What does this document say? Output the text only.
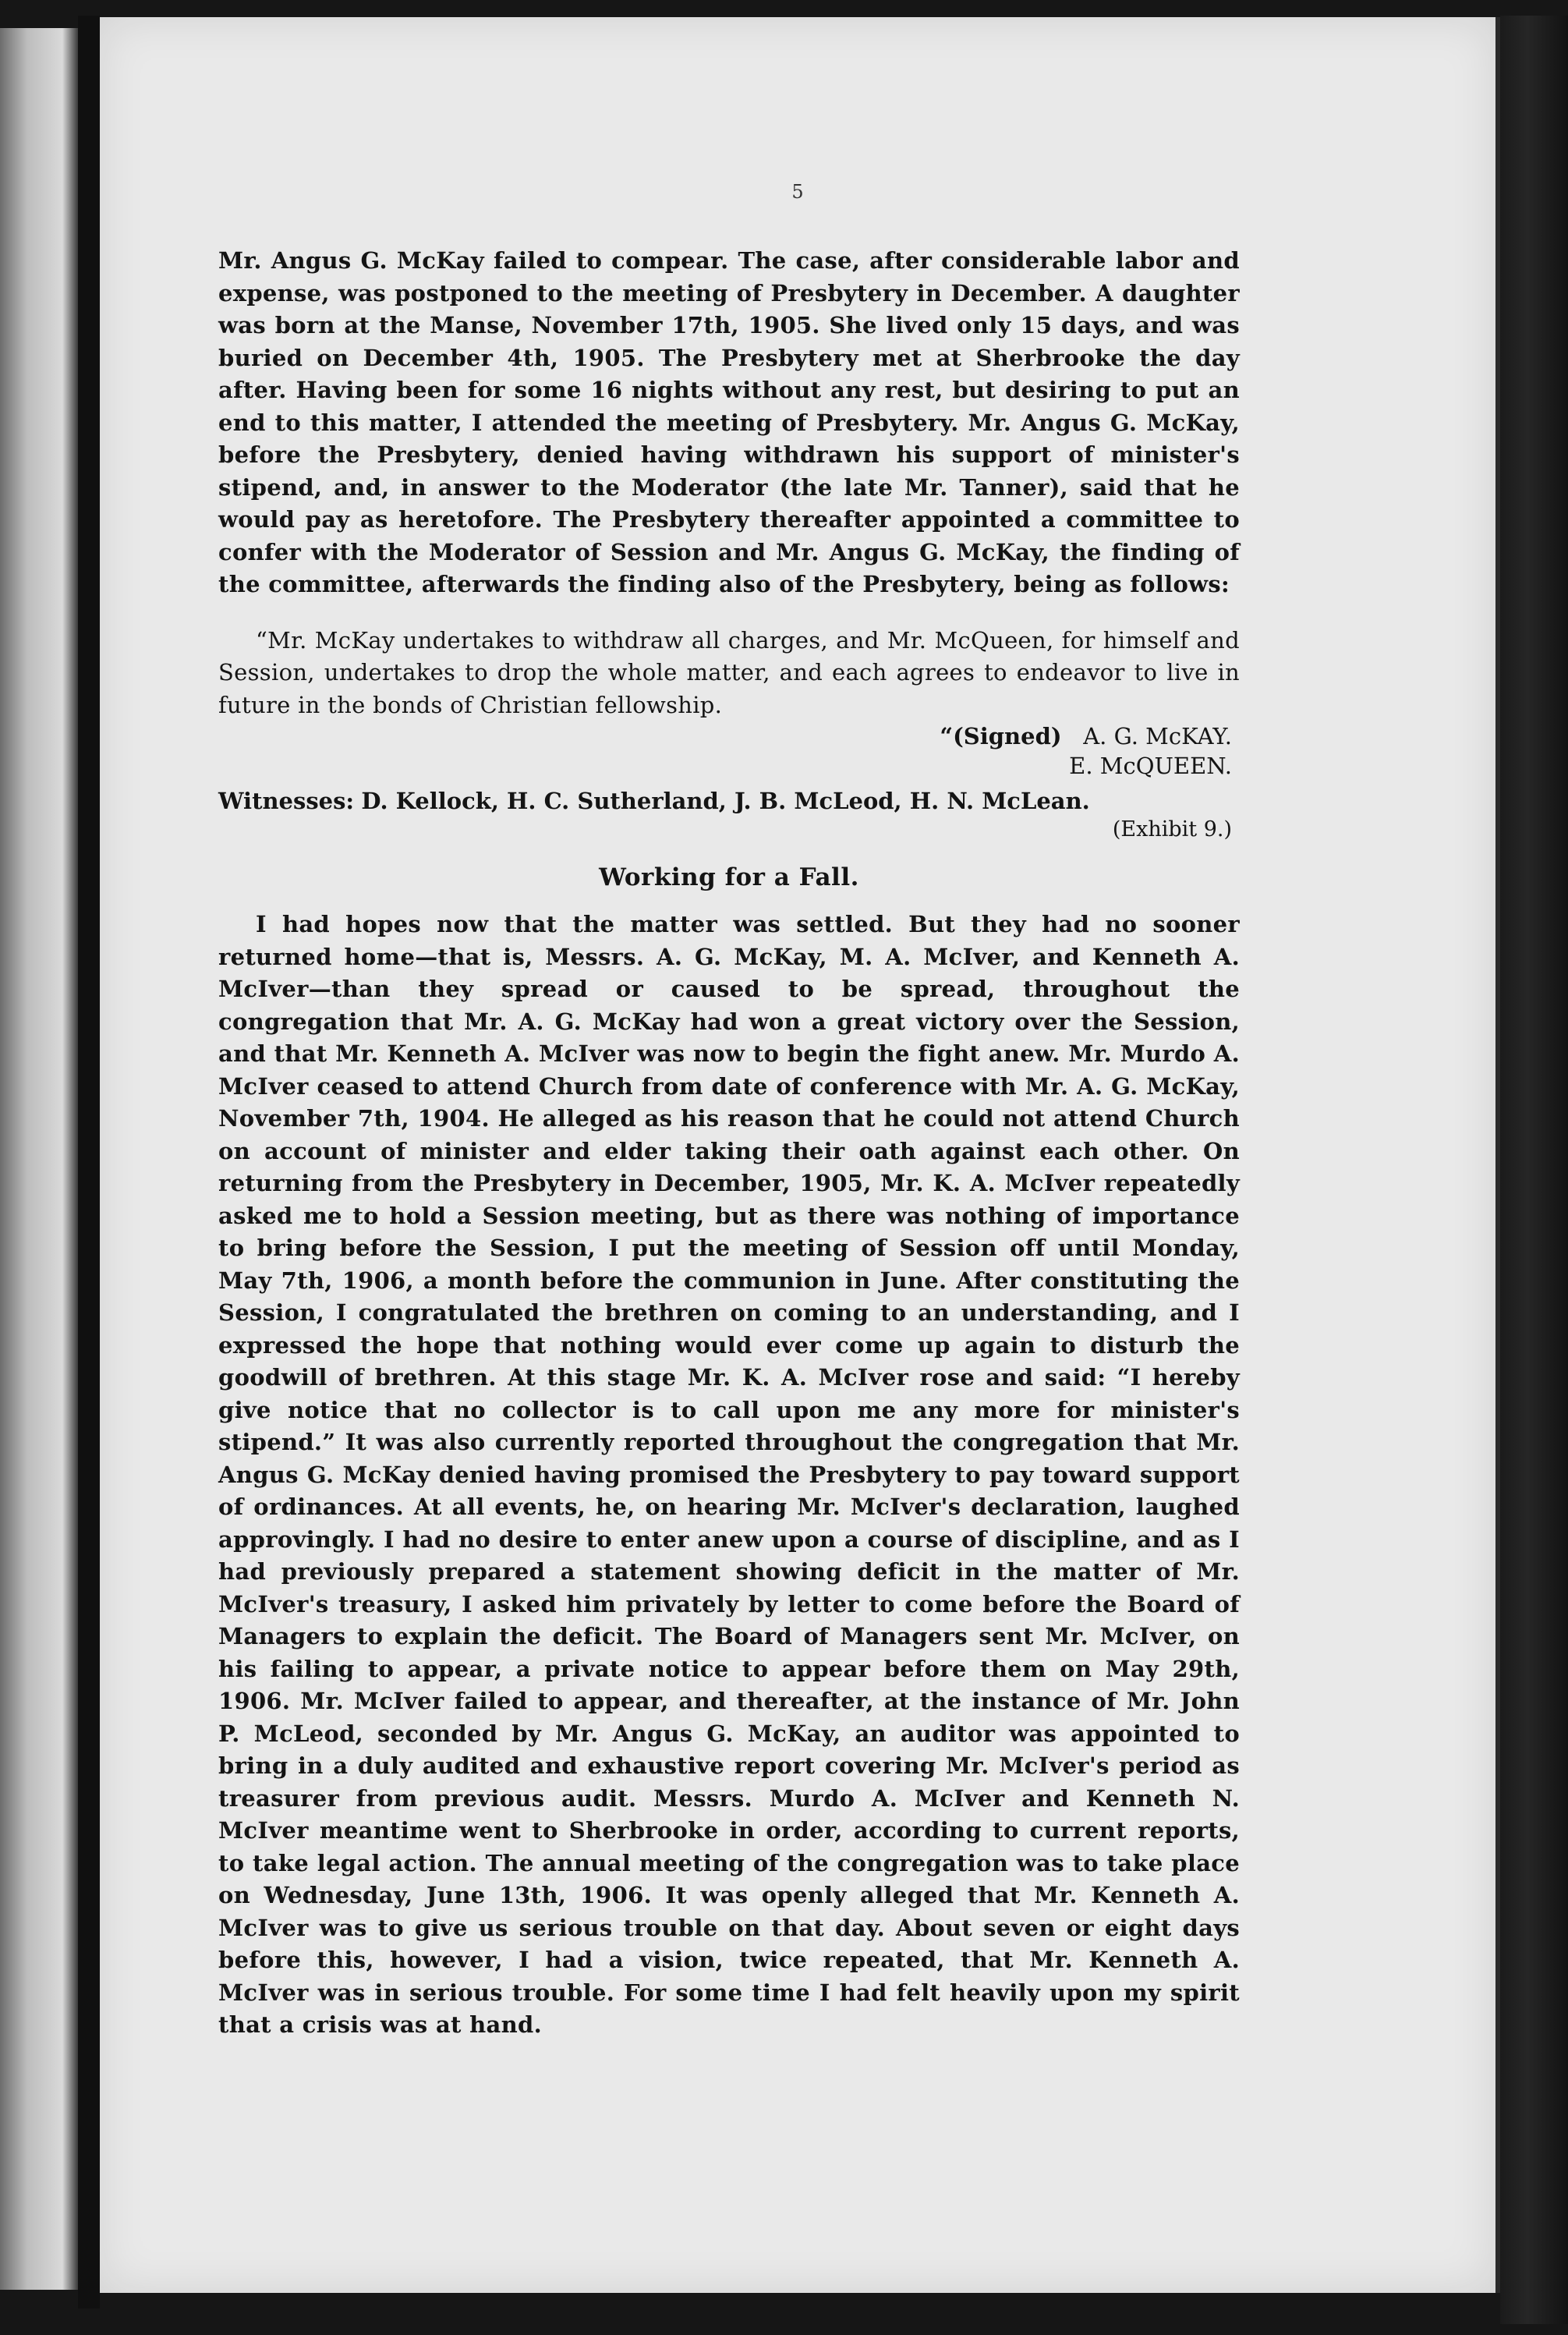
5

Mr. Angus G. McKay failed to compear. The case, after considerable labor and expense, was postponed to the meeting of Presbytery in December. A daughter was born at the Manse, November 17th, 1905. She lived only 15 days, and was buried on December 4th, 1905. The Presbytery met at Sherbrooke the day after. Having been for some 16 nights without any rest, but desiring to put an end to this matter, I attended the meeting of Presbytery. Mr. Angus G. McKay, before the Presbytery, denied having withdrawn his support of minister's stipend, and, in answer to the Moderator (the late Mr. Tanner), said that he would pay as heretofore. The Presbytery thereafter appointed a committee to confer with the Moderator of Session and Mr. Angus G. McKay, the finding of the committee, afterwards the finding also of the Presbytery, being as follows:

“Mr. McKay undertakes to withdraw all charges, and Mr. McQueen, for himself and Session, undertakes to drop the whole matter, and each agrees to endeavor to live in future in the bonds of Christian fellowship.

“(Signed) A. G. McKAY.
E. McQUEEN.
Witnesses: D. Kellock, H. C. Sutherland, J. B. McLeod, H. N. McLean.
(Exhibit 9.)
Working for a Fall.

I had hopes now that the matter was settled. But they had no sooner returned home—that is, Messrs. A. G. McKay, M. A. McIver, and Kenneth A. McIver—than they spread or caused to be spread, throughout the congregation that Mr. A. G. McKay had won a great victory over the Session, and that Mr. Kenneth A. McIver was now to begin the fight anew. Mr. Murdo A. McIver ceased to attend Church from date of conference with Mr. A. G. McKay, November 7th, 1904. He alleged as his reason that he could not attend Church on account of minister and elder taking their oath against each other. On returning from the Presbytery in December, 1905, Mr. K. A. McIver repeatedly asked me to hold a Session meeting, but as there was nothing of importance to bring before the Session, I put the meeting of Session off until Monday, May 7th, 1906, a month before the communion in June. After constituting the Session, I congratulated the brethren on coming to an understanding, and I expressed the hope that nothing would ever come up again to disturb the goodwill of brethren. At this stage Mr. K. A. McIver rose and said: “I hereby give notice that no collector is to call upon me any more for minister's stipend.” It was also currently reported throughout the congregation that Mr. Angus G. McKay denied having promised the Presbytery to pay toward support of ordinances. At all events, he, on hearing Mr. McIver's declaration, laughed approvingly. I had no desire to enter anew upon a course of discipline, and as I had previously prepared a statement showing deficit in the matter of Mr. McIver's treasury, I asked him privately by letter to come before the Board of Managers to explain the deficit. The Board of Managers sent Mr. McIver, on his failing to appear, a private notice to appear before them on May 29th, 1906. Mr. McIver failed to appear, and thereafter, at the instance of Mr. John P. McLeod, seconded by Mr. Angus G. McKay, an auditor was appointed to bring in a duly audited and exhaustive report covering Mr. McIver's period as treasurer from previous audit. Messrs. Murdo A. McIver and Kenneth N. McIver meantime went to Sherbrooke in order, according to current reports, to take legal action. The annual meeting of the congregation was to take place on Wednesday, June 13th, 1906. It was openly alleged that Mr. Kenneth A. McIver was to give us serious trouble on that day. About seven or eight days before this, however, I had a vision, twice repeated, that Mr. Kenneth A. McIver was in serious trouble. For some time I had felt heavily upon my spirit that a crisis was at hand.
